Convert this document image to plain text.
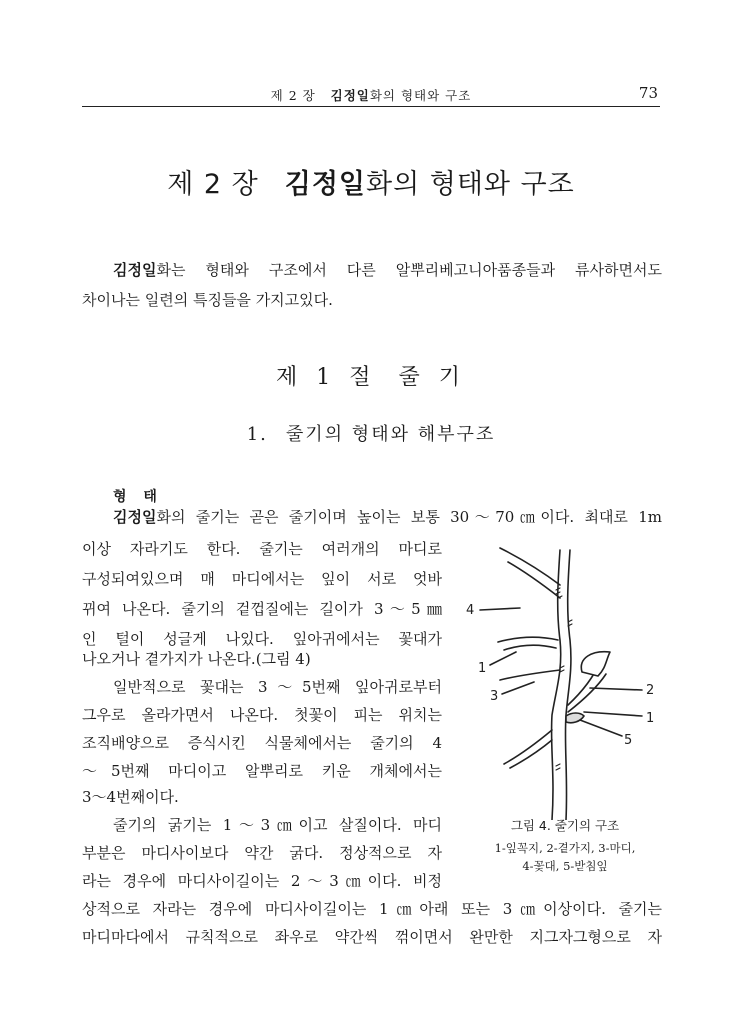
제 2 장 김정일화의 형태와 구조	73
제 2 장 김정일화의 형태와 구조
김정일화는 형태와 구조에서 다른 알뿌리베고니아품종들과 류사하면서도
차이나는 일련의 특징들을 가지고있다.
제 1 절 줄 기
1. 줄기의 형태와 해부구조
형 태
김정일화의 줄기는 곧은 줄기이며 높이는 보통 30～70㎝이다. 최대로 1m
이상 자라기도 한다. 줄기는 여러개의 마디로
구성되여있으며 매 마디에서는 잎이 서로 엇바
뀌여 나온다. 줄기의 겉껍질에는 길이가 3～5㎜
인 털이 성글게 나있다. 잎아귀에서는 꽃대가
나오거나 곁가지가 나온다.(그림 4)
일반적으로 꽃대는 3～5번째 잎아귀로부터
그우로 올라가면서 나온다. 첫꽃이 피는 위치는
조직배양으로 증식시킨 식물체에서는 줄기의 4
～5번째 마디이고 알뿌리로 키운 개체에서는
3～4번째이다.
줄기의 굵기는 1～3㎝이고 살질이다. 마디
부분은 마디사이보다 약간 굵다. 정상적으로 자
라는 경우에 마디사이길이는 2～3㎝이다. 비정
상적으로 자라는 경우에 마디사이길이는 1㎝아래 또는 3㎝이상이다. 줄기는
마디마다에서 규칙적으로 좌우로 약간씩 꺾이면서 완만한 지그자그형으로 자
4
1
3	2
1
5
그림 4. 줄기의 구조
1-잎꼭지, 2-곁가지, 3-마디,
4-꽃대, 5-받침잎
